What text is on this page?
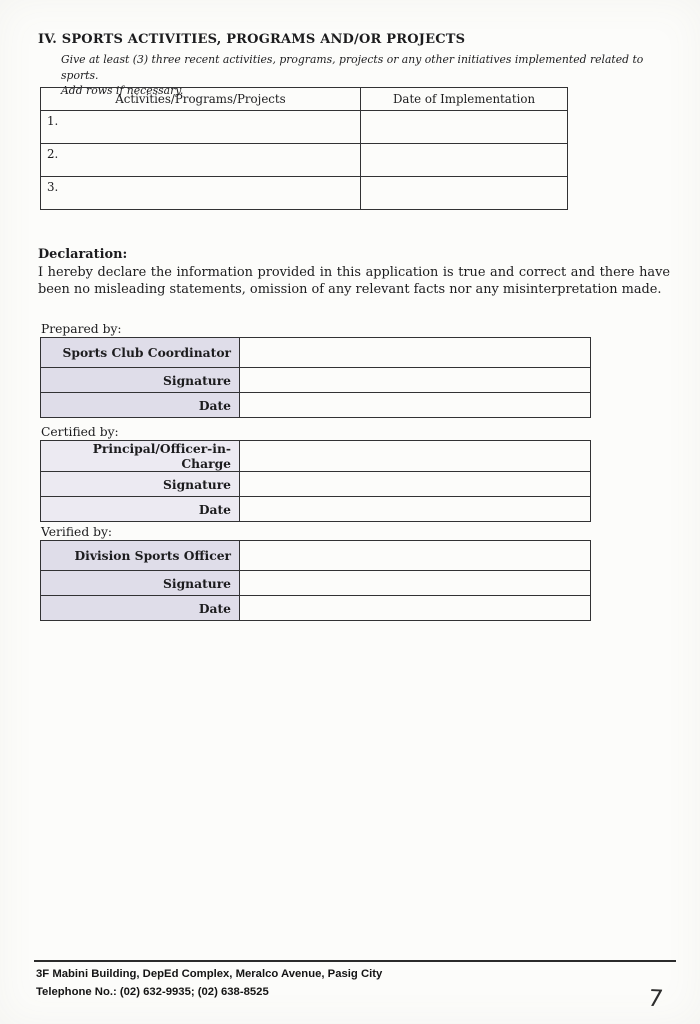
IV. SPORTS ACTIVITIES, PROGRAMS AND/OR PROJECTS
Give at least (3) three recent activities, programs, projects or any other initiatives implemented related to sports.
Add rows if necessary.
Activities/Programs/Projects	Date of Implementation
1.	
2.	
3.	
Declaration:
I hereby declare the information provided in this application is true and correct and there have been no misleading statements, omission of any relevant facts nor any misinterpretation made.
Prepared by:
Sports Club Coordinator	
Signature	
Date	
Certified by:
Principal/Officer-in-Charge	
Signature	
Date	
Verified by:
Division Sports Officer	
Signature	
Date	
3F Mabini Building, DepEd Complex, Meralco Avenue, Pasig City
Telephone No.: (02) 632-9935; (02) 638-8525	7
